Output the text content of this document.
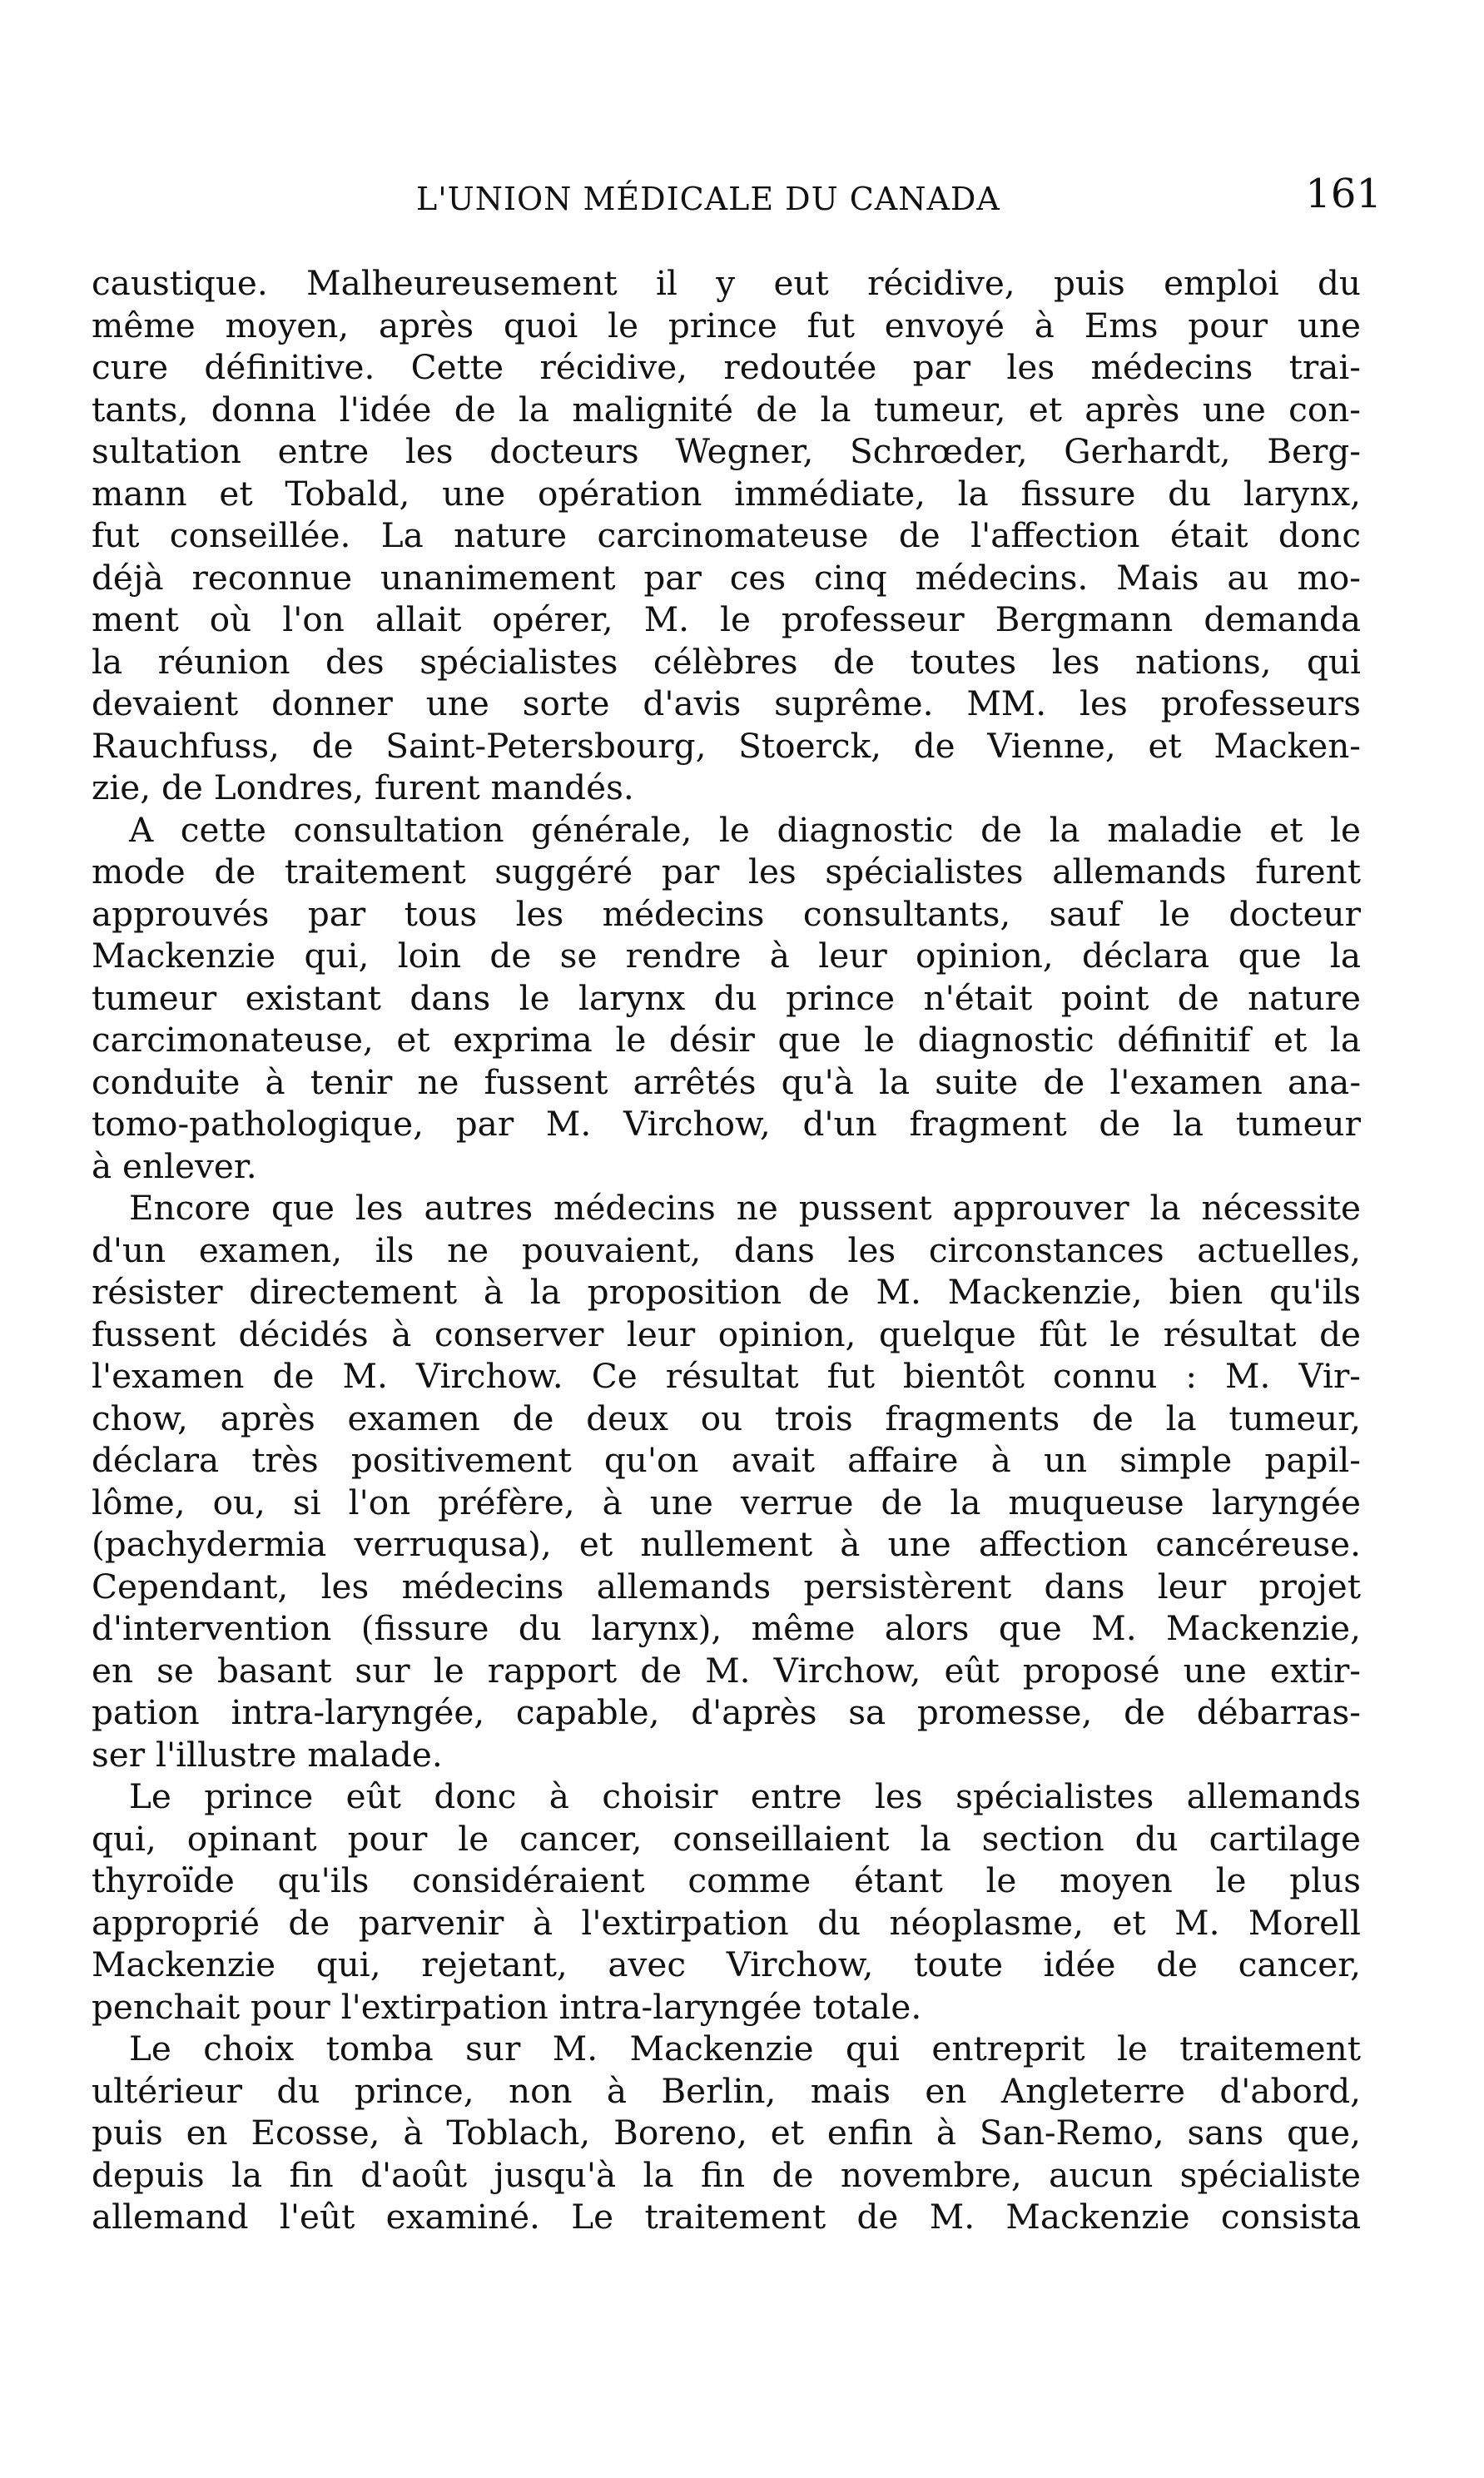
L'UNION MÉDICALE DU CANADA	161
caustique. Malheureusement il y eut récidive, puis emploi du
même moyen, après quoi le prince fut envoyé à Ems pour une
cure définitive. Cette récidive, redoutée par les médecins trai-
tants, donna l'idée de la malignité de la tumeur, et après une con-
sultation entre les docteurs Wegner, Schrœder, Gerhardt, Berg-
mann et Tobald, une opération immédiate, la fissure du larynx,
fut conseillée. La nature carcinomateuse de l'affection était donc
déjà reconnue unanimement par ces cinq médecins. Mais au mo-
ment où l'on allait opérer, M. le professeur Bergmann demanda
la réunion des spécialistes célèbres de toutes les nations, qui
devaient donner une sorte d'avis suprême. MM. les professeurs
Rauchfuss, de Saint-Petersbourg, Stoerck, de Vienne, et Macken-
zie, de Londres, furent mandés.
A cette consultation générale, le diagnostic de la maladie et le
mode de traitement suggéré par les spécialistes allemands furent
approuvés par tous les médecins consultants, sauf le docteur
Mackenzie qui, loin de se rendre à leur opinion, déclara que la
tumeur existant dans le larynx du prince n'était point de nature
carcimonateuse, et exprima le désir que le diagnostic définitif et la
conduite à tenir ne fussent arrêtés qu'à la suite de l'examen ana-
tomo-pathologique, par M. Virchow, d'un fragment de la tumeur
à enlever.
Encore que les autres médecins ne pussent approuver la nécessite
d'un examen, ils ne pouvaient, dans les circonstances actuelles,
résister directement à la proposition de M. Mackenzie, bien qu'ils
fussent décidés à conserver leur opinion, quelque fût le résultat de
l'examen de M. Virchow. Ce résultat fut bientôt connu : M. Vir-
chow, après examen de deux ou trois fragments de la tumeur,
déclara très positivement qu'on avait affaire à un simple papil-
lôme, ou, si l'on préfère, à une verrue de la muqueuse laryngée
(pachydermia verruqusa), et nullement à une affection cancéreuse.
Cependant, les médecins allemands persistèrent dans leur projet
d'intervention (fissure du larynx), même alors que M. Mackenzie,
en se basant sur le rapport de M. Virchow, eût proposé une extir-
pation intra-laryngée, capable, d'après sa promesse, de débarras-
ser l'illustre malade.
Le prince eût donc à choisir entre les spécialistes allemands
qui, opinant pour le cancer, conseillaient la section du cartilage
thyroïde qu'ils considéraient comme étant le moyen le plus
approprié de parvenir à l'extirpation du néoplasme, et M. Morell
Mackenzie qui, rejetant, avec Virchow, toute idée de cancer,
penchait pour l'extirpation intra-laryngée totale.
Le choix tomba sur M. Mackenzie qui entreprit le traitement
ultérieur du prince, non à Berlin, mais en Angleterre d'abord,
puis en Ecosse, à Toblach, Boreno, et enfin à San-Remo, sans que,
depuis la fin d'août jusqu'à la fin de novembre, aucun spécialiste
allemand l'eût examiné. Le traitement de M. Mackenzie consista
